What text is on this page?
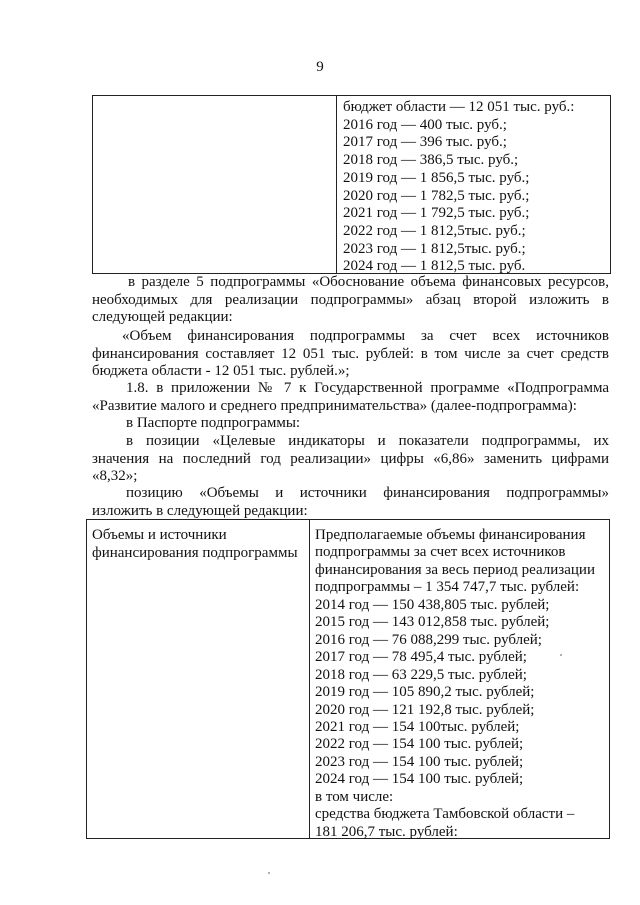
9
бюджет области — 12 051 тыс. руб.:
2016 год — 400 тыс. руб.;
2017 год — 396 тыс. руб.;
2018 год — 386,5 тыс. руб.;
2019 год — 1 856,5 тыс. руб.;
2020 год — 1 782,5 тыс. руб.;
2021 год — 1 792,5 тыс. руб.;
2022 год — 1 812,5тыс. руб.;
2023 год — 1 812,5тыс. руб.;
2024 год — 1 812,5 тыс. руб.
в разделе 5 подпрограммы «Обоснование объема финансовых ресурсов,
необходимых для реализации подпрограммы» абзац второй изложить в
следующей редакции:
«Объем финансирования подпрограммы за счет всех источников
финансирования составляет 12 051 тыс. рублей: в том числе за счет средств
бюджета области - 12 051 тыс. рублей.»;
1.8. в приложении № 7 к Государственной программе «Подпрограмма
«Развитие малого и среднего предпринимательства» (далее-подпрограмма):
в Паспорте подпрограммы:
в позиции «Целевые индикаторы и показатели подпрограммы, их
значения на последний год реализации» цифры «6,86» заменить цифрами
«8,32»;
позицию «Объемы и источники финансирования подпрограммы»
изложить в следующей редакции:
Объемы и источники
финансирования подпрограммы
Предполагаемые объемы финансирования
подпрограммы за счет всех источников
финансирования за весь период реализации
подпрограммы – 1 354 747,7 тыс. рублей:
2014 год — 150 438,805 тыс. рублей;
2015 год — 143 012,858 тыс. рублей;
2016 год — 76 088,299 тыс. рублей;
2017 год — 78 495,4 тыс. рублей;
2018 год — 63 229,5 тыс. рублей;
2019 год — 105 890,2 тыс. рублей;
2020 год — 121 192,8 тыс. рублей;
2021 год — 154 100тыс. рублей;
2022 год — 154 100 тыс. рублей;
2023 год — 154 100 тыс. рублей;
2024 год — 154 100 тыс. рублей;
в том числе:
средства бюджета Тамбовской области –
181 206,7 тыс. рублей:
